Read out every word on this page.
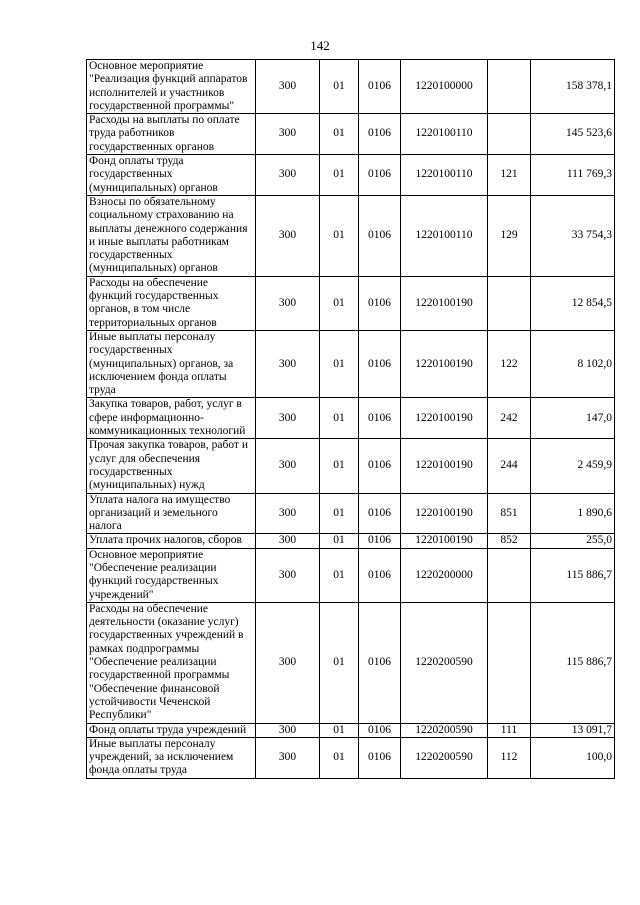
142
Основное мероприятие "Реализация функций аппаратов исполнителей и участников государственной программы"	300	01	0106	1220100000		158 378,1
Расходы на выплаты по оплате труда работников государственных органов	300	01	0106	1220100110		145 523,6
Фонд оплаты труда государственных (муниципальных) органов	300	01	0106	1220100110	121	111 769,3
Взносы по обязательному социальному страхованию на выплаты денежного содержания и иные выплаты работникам государственных (муниципальных) органов	300	01	0106	1220100110	129	33 754,3
Расходы на обеспечение функций государственных органов, в том числе территориальных органов	300	01	0106	1220100190		12 854,5
Иные выплаты персоналу государственных (муниципальных) органов, за исключением фонда оплаты труда	300	01	0106	1220100190	122	8 102,0
Закупка товаров, работ, услуг в сфере информационно-коммуникационных технологий	300	01	0106	1220100190	242	147,0
Прочая закупка товаров, работ и услуг для обеспечения государственных (муниципальных) нужд	300	01	0106	1220100190	244	2 459,9
Уплата налога на имущество организаций и земельного налога	300	01	0106	1220100190	851	1 890,6
Уплата прочих налогов, сборов	300	01	0106	1220100190	852	255,0
Основное мероприятие "Обеспечение реализации функций государственных учреждений"	300	01	0106	1220200000		115 886,7
Расходы на обеспечение деятельности (оказание услуг) государственных учреждений в рамках подпрограммы "Обеспечение реализации государственной программы "Обеспечение финансовой устойчивости Чеченской Республики"	300	01	0106	1220200590		115 886,7
Фонд оплаты труда учреждений	300	01	0106	1220200590	111	13 091,7
Иные выплаты персоналу учреждений, за исключением фонда оплаты труда	300	01	0106	1220200590	112	100,0
